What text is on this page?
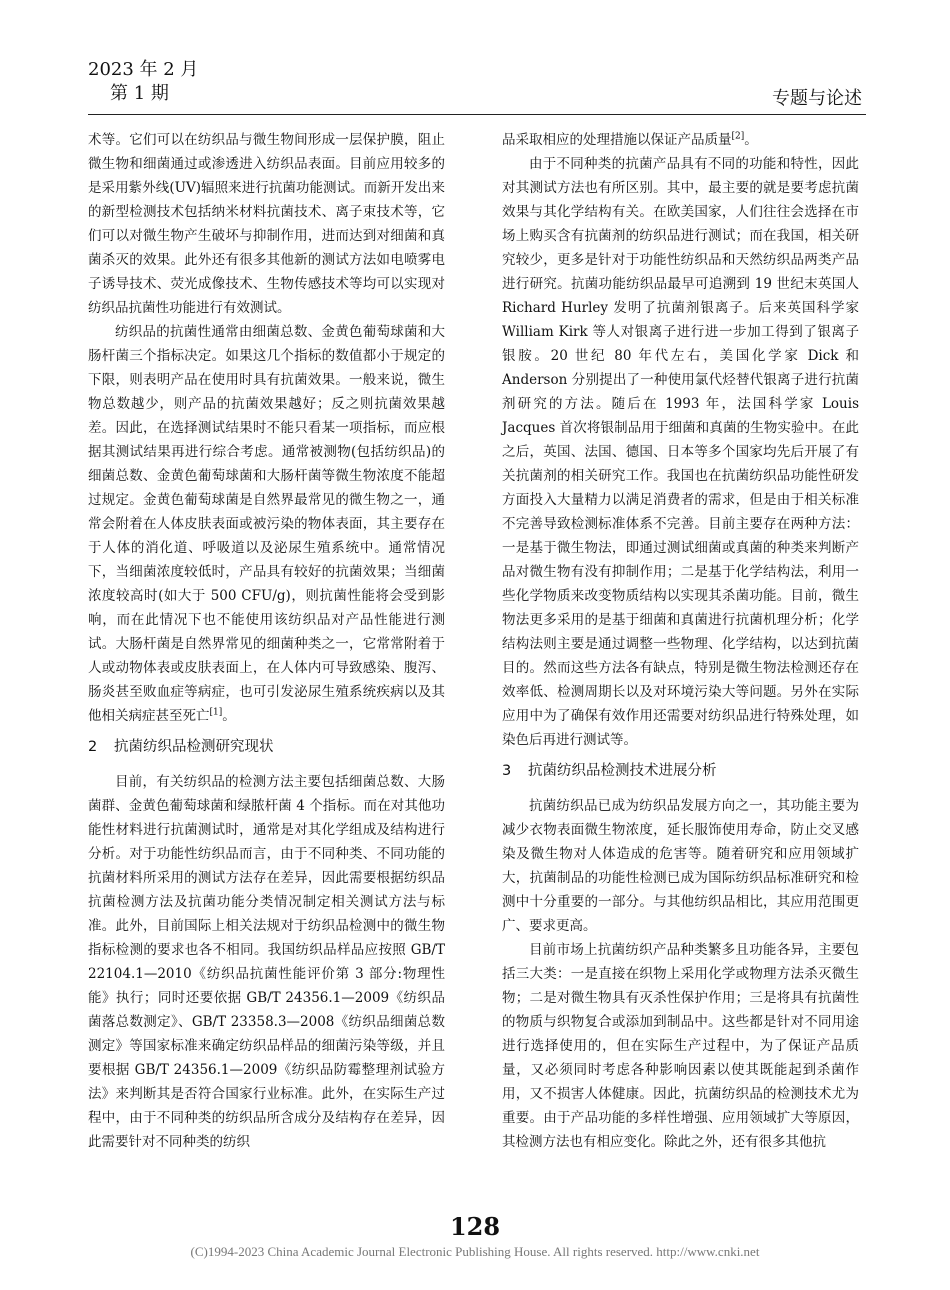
2023 年 2 月
第 1 期	专题与论述

术等。它们可以在纺织品与微生物间形成一层保护膜，阻止微生物和细菌通过或渗透进入纺织品表面。目前应用较多的是采用紫外线(UV)辐照来进行抗菌功能测试。而新开发出来的新型检测技术包括纳米材料抗菌技术、离子束技术等，它们可以对微生物产生破坏与抑制作用，进而达到对细菌和真菌杀灭的效果。此外还有很多其他新的测试方法如电喷雾电子诱导技术、荧光成像技术、生物传感技术等均可以实现对纺织品抗菌性功能进行有效测试。

纺织品的抗菌性通常由细菌总数、金黄色葡萄球菌和大肠杆菌三个指标决定。如果这几个指标的数值都小于规定的下限，则表明产品在使用时具有抗菌效果。一般来说，微生物总数越少，则产品的抗菌效果越好；反之则抗菌效果越差。因此，在选择测试结果时不能只看某一项指标，而应根据其测试结果再进行综合考虑。通常被测物(包括纺织品)的细菌总数、金黄色葡萄球菌和大肠杆菌等微生物浓度不能超过规定。金黄色葡萄球菌是自然界最常见的微生物之一，通常会附着在人体皮肤表面或被污染的物体表面，其主要存在于人体的消化道、呼吸道以及泌尿生殖系统中。通常情况下，当细菌浓度较低时，产品具有较好的抗菌效果；当细菌浓度较高时(如大于 500 CFU/g)，则抗菌性能将会受到影响，而在此情况下也不能使用该纺织品对产品性能进行测试。大肠杆菌是自然界常见的细菌种类之一，它常常附着于人或动物体表或皮肤表面上，在人体内可导致感染、腹泻、肠炎甚至败血症等病症，也可引发泌尿生殖系统疾病以及其他相关病症甚至死亡[1]。

2 抗菌纺织品检测研究现状

目前，有关纺织品的检测方法主要包括细菌总数、大肠菌群、金黄色葡萄球菌和绿脓杆菌 4 个指标。而在对其他功能性材料进行抗菌测试时，通常是对其化学组成及结构进行分析。对于功能性纺织品而言，由于不同种类、不同功能的抗菌材料所采用的测试方法存在差异，因此需要根据纺织品抗菌检测方法及抗菌功能分类情况制定相关测试方法与标准。此外，目前国际上相关法规对于纺织品检测中的微生物指标检测的要求也各不相同。我国纺织品样品应按照 GB/T 22104.1—2010《纺织品抗菌性能评价第 3 部分:物理性能》执行；同时还要依据 GB/T 24356.1—2009《纺织品菌落总数测定》、GB/T 23358.3—2008《纺织品细菌总数测定》等国家标准来确定纺织品样品的细菌污染等级，并且要根据 GB/T 24356.1—2009《纺织品防霉整理剂试验方法》来判断其是否符合国家行业标准。此外，在实际生产过程中，由于不同种类的纺织品所含成分及结构存在差异，因此需要针对不同种类的纺织

品采取相应的处理措施以保证产品质量[2]。

由于不同种类的抗菌产品具有不同的功能和特性，因此对其测试方法也有所区别。其中，最主要的就是要考虑抗菌效果与其化学结构有关。在欧美国家，人们往往会选择在市场上购买含有抗菌剂的纺织品进行测试；而在我国，相关研究较少，更多是针对于功能性纺织品和天然纺织品两类产品进行研究。抗菌功能纺织品最早可追溯到 19 世纪末英国人 Richard Hurley 发明了抗菌剂银离子。后来英国科学家 William Kirk 等人对银离子进行进一步加工得到了银离子银胺。20 世纪 80 年代左右，美国化学家 Dick 和 Anderson 分别提出了一种使用氯代烃替代银离子进行抗菌剂研究的方法。随后在 1993 年，法国科学家 Louis Jacques 首次将银制品用于细菌和真菌的生物实验中。在此之后，英国、法国、德国、日本等多个国家均先后开展了有关抗菌剂的相关研究工作。我国也在抗菌纺织品功能性研发方面投入大量精力以满足消费者的需求，但是由于相关标准不完善导致检测标准体系不完善。目前主要存在两种方法：一是基于微生物法，即通过测试细菌或真菌的种类来判断产品对微生物有没有抑制作用；二是基于化学结构法，利用一些化学物质来改变物质结构以实现其杀菌功能。目前，微生物法更多采用的是基于细菌和真菌进行抗菌机理分析；化学结构法则主要是通过调整一些物理、化学结构，以达到抗菌目的。然而这些方法各有缺点，特别是微生物法检测还存在效率低、检测周期长以及对环境污染大等问题。另外在实际应用中为了确保有效作用还需要对纺织品进行特殊处理，如染色后再进行测试等。

3 抗菌纺织品检测技术进展分析

抗菌纺织品已成为纺织品发展方向之一，其功能主要为减少衣物表面微生物浓度，延长服饰使用寿命，防止交叉感染及微生物对人体造成的危害等。随着研究和应用领域扩大，抗菌制品的功能性检测已成为国际纺织品标准研究和检测中十分重要的一部分。与其他纺织品相比，其应用范围更广、要求更高。

目前市场上抗菌纺织产品种类繁多且功能各异，主要包括三大类：一是直接在织物上采用化学或物理方法杀灭微生物；二是对微生物具有灭杀性保护作用；三是将具有抗菌性的物质与织物复合或添加到制品中。这些都是针对不同用途进行选择使用的，但在实际生产过程中，为了保证产品质量，又必须同时考虑各种影响因素以使其既能起到杀菌作用，又不损害人体健康。因此，抗菌纺织品的检测技术尤为重要。由于产品功能的多样性增强、应用领域扩大等原因，其检测方法也有相应变化。除此之外，还有很多其他抗

128
(C)1994-2023 China Academic Journal Electronic Publishing House. All rights reserved. http://www.cnki.net
